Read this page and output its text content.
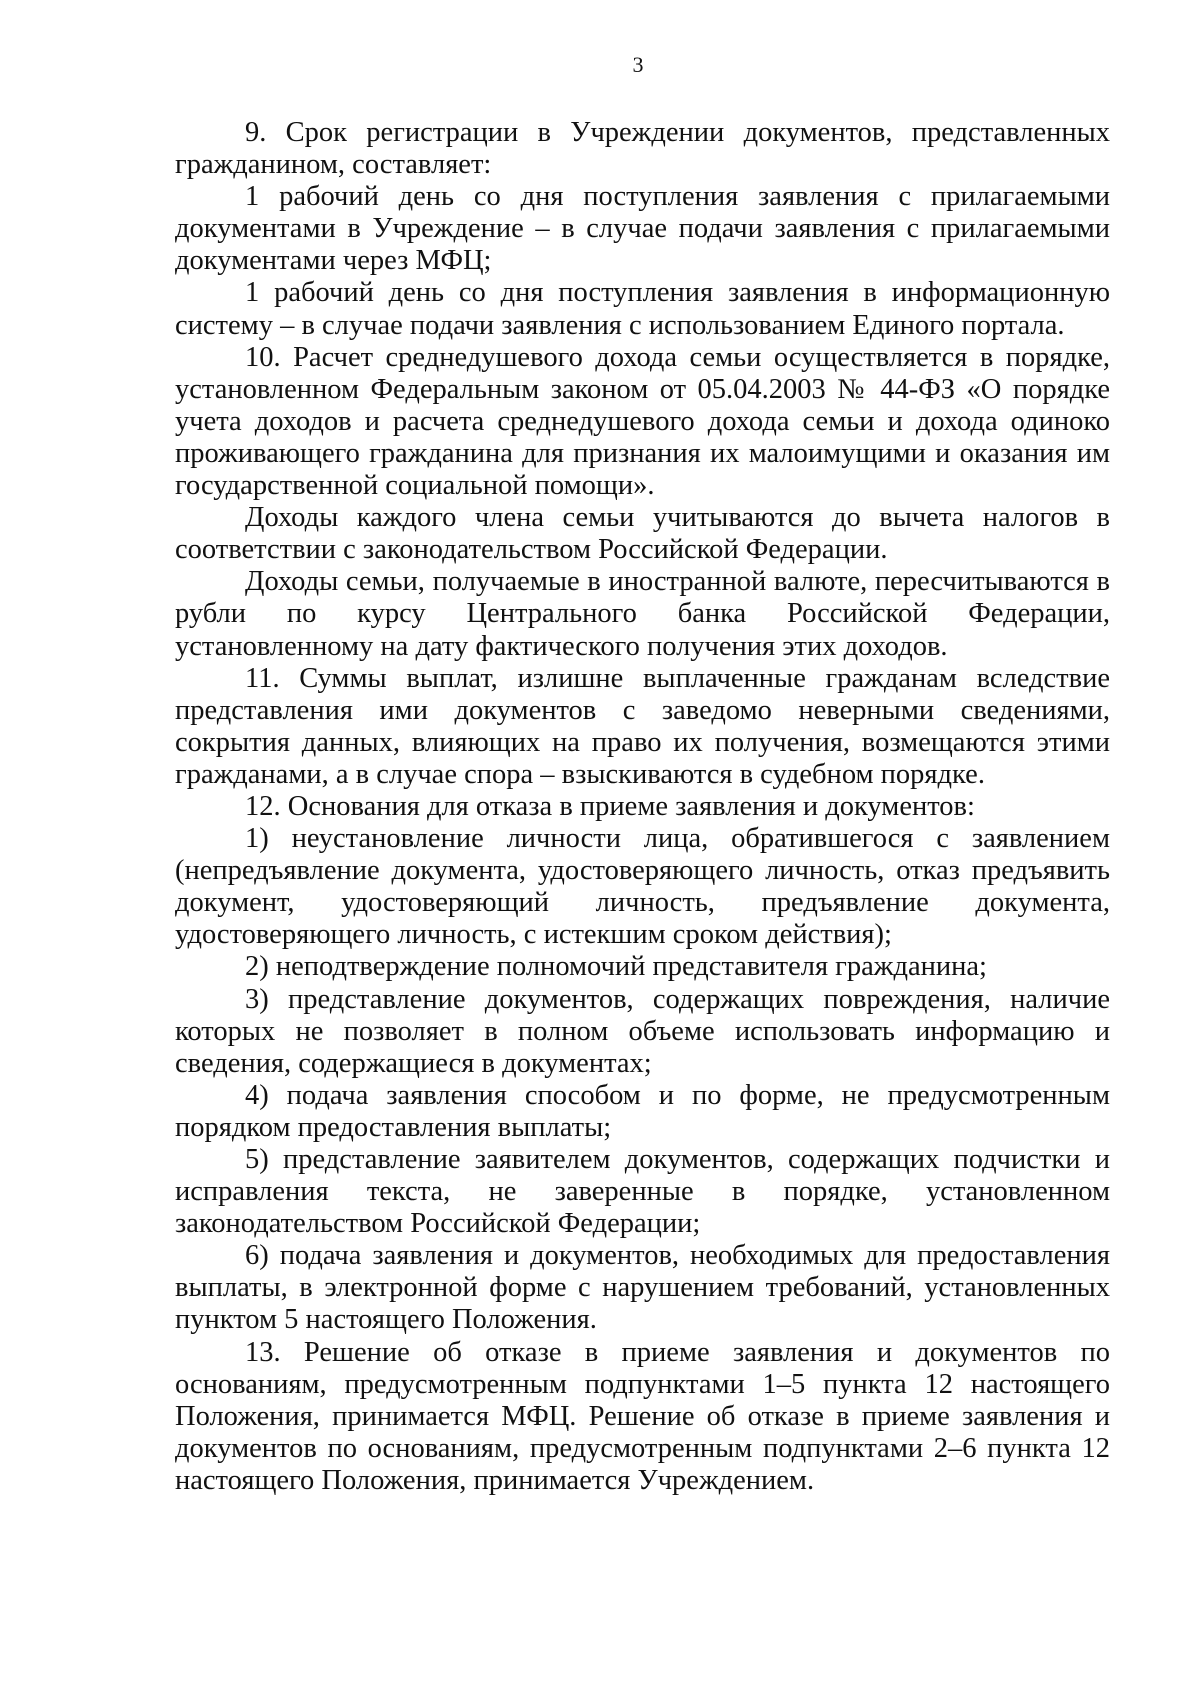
3

9. Срок регистрации в Учреждении документов, представленных гражданином, составляет:

1 рабочий день со дня поступления заявления с прилагаемыми документами в Учреждение – в случае подачи заявления с прилагаемыми документами через МФЦ;

1 рабочий день со дня поступления заявления в информационную систему – в случае подачи заявления с использованием Единого портала.

10. Расчет среднедушевого дохода семьи осуществляется в порядке, установленном Федеральным законом от 05.04.2003 № 44-ФЗ «О порядке учета доходов и расчета среднедушевого дохода семьи и дохода одиноко проживающего гражданина для признания их малоимущими и оказания им государственной социальной помощи».

Доходы каждого члена семьи учитываются до вычета налогов в соответствии с законодательством Российской Федерации.

Доходы семьи, получаемые в иностранной валюте, пересчитываются в рубли по курсу Центрального банка Российской Федерации, установленному на дату фактического получения этих доходов.

11. Суммы выплат, излишне выплаченные гражданам вследствие представления ими документов с заведомо неверными сведениями, сокрытия данных, влияющих на право их получения, возмещаются этими гражданами, а в случае спора – взыскиваются в судебном порядке.

12. Основания для отказа в приеме заявления и документов:

1) неустановление личности лица, обратившегося с заявлением (непредъявление документа, удостоверяющего личность, отказ предъявить документ, удостоверяющий личность, предъявление документа, удостоверяющего личность, с истекшим сроком действия);

2) неподтверждение полномочий представителя гражданина;

3) представление документов, содержащих повреждения, наличие которых не позволяет в полном объеме использовать информацию и сведения, содержащиеся в документах;

4) подача заявления способом и по форме, не предусмотренным порядком предоставления выплаты;

5) представление заявителем документов, содержащих подчистки и исправления текста, не заверенные в порядке, установленном законодательством Российской Федерации;

6) подача заявления и документов, необходимых для предоставления выплаты, в электронной форме с нарушением требований, установленных пунктом 5 настоящего Положения.

13. Решение об отказе в приеме заявления и документов по основаниям, предусмотренным подпунктами 1–5 пункта 12 настоящего Положения, принимается МФЦ. Решение об отказе в приеме заявления и документов по основаниям, предусмотренным подпунктами 2–6 пункта 12 настоящего Положения, принимается Учреждением.
